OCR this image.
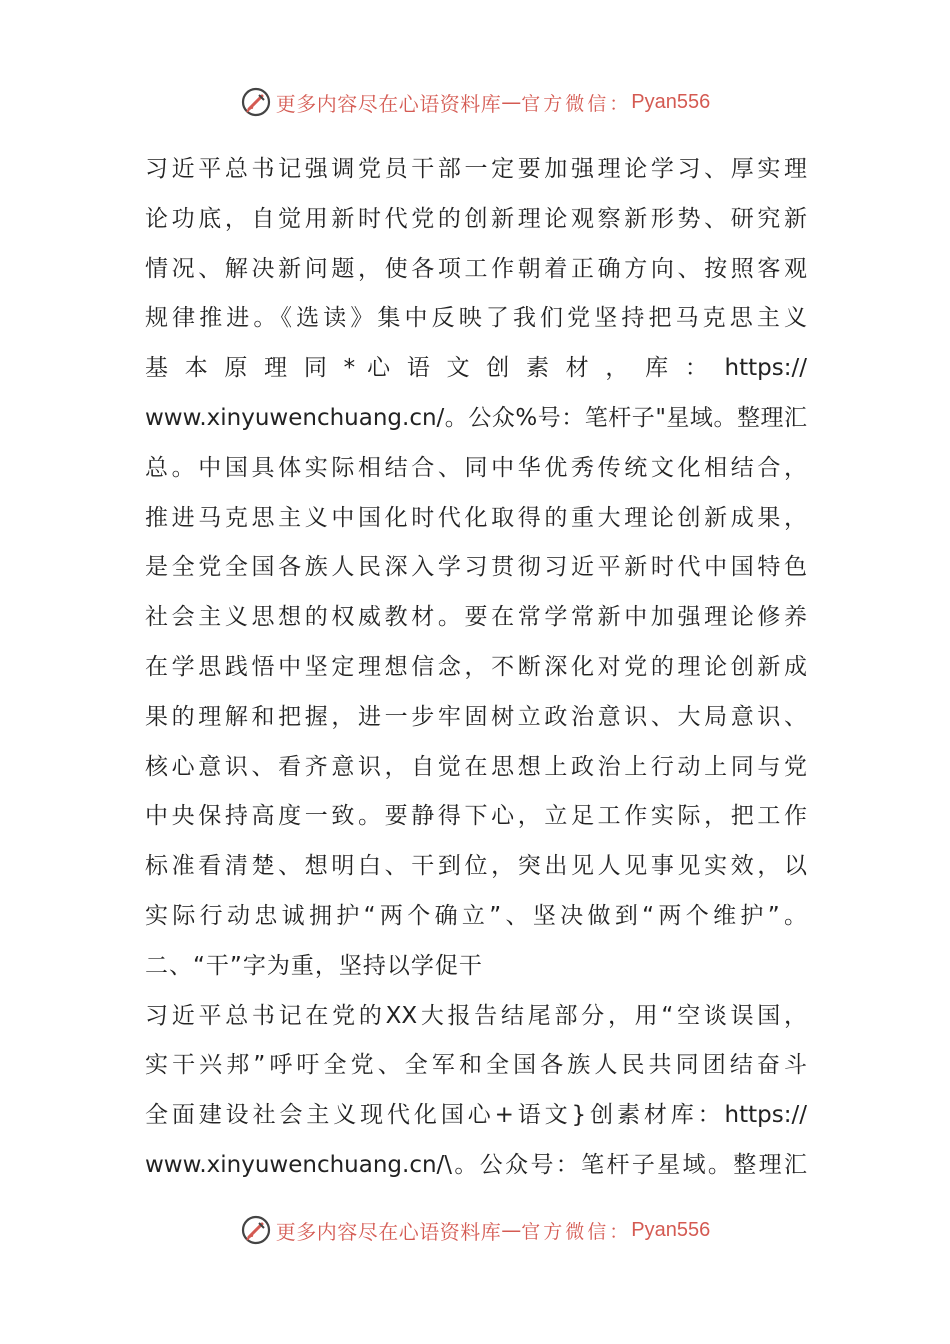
更多内容尽在心语资料库 — 官方微信： Pyan556
习近平总书记强调党员干部一定要加强理论学习、厚实理
论功底，自觉用新时代党的创新理论观察新形势、研究新
情况、解决新问题，使各项工作朝着正确方向、按照客观
规律推进。《选读》集中反映了我们党坚持把马克思主义
基 本 原 理 同 * 心 语 文 创 素 材 ， 库 ： https://
www.xinyuwenchuang.cn/。公众%号：笔杆子"星域。整理汇
总。中国具体实际相结合、同中华优秀传统文化相结合，
推进马克思主义中国化时代化取得的重大理论创新成果，
是全党全国各族人民深入学习贯彻习近平新时代中国特色
社会主义思想的权威教材。要在常学常新中加强理论修养
在学思践悟中坚定理想信念，不断深化对党的理论创新成
果的理解和把握，进一步牢固树立政治意识、大局意识、
核心意识、看齐意识，自觉在思想上政治上行动上同与党
中央保持高度一致。要静得下心，立足工作实际，把工作
标准看清楚、想明白、干到位，突出见人见事见实效，以
实际行动忠诚拥护“两个确立”、坚决做到“两个维护”。
二、“干”字为重，坚持以学促干
习近平总书记在党的XX大报告结尾部分，用“空谈误国，
实干兴邦”呼吁全党、全军和全国各族人民共同团结奋斗
全面建设社会主义现代化国心+语文}创素材库：https://
www.xinyuwenchuang.cn/\。公众号：笔杆子星域。整理汇
更多内容尽在心语资料库 — 官方微信： Pyan556
